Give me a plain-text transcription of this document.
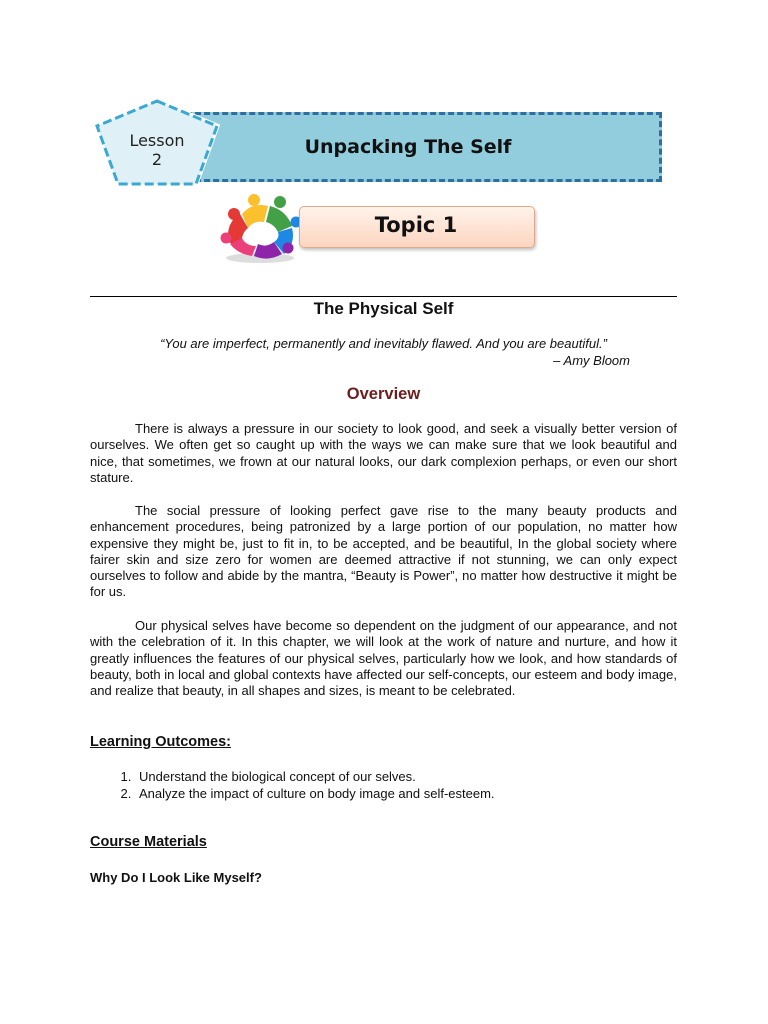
Unpacking The Self
Lesson
2
Topic 1
The Physical Self
“You are imperfect, permanently and inevitably flawed. And you are beautiful.”
– Amy Bloom
Overview

There is always a pressure in our society to look good, and seek a visually better version of ourselves. We often get so caught up with the ways we can make sure that we look beautiful and nice, that sometimes, we frown at our natural looks, our dark complexion perhaps, or even our short stature.

The social pressure of looking perfect gave rise to the many beauty products and enhancement procedures, being patronized by a large portion of our population, no matter how expensive they might be, just to fit in, to be accepted, and be beautiful, In the global society where fairer skin and size zero for women are deemed attractive if not stunning, we can only expect ourselves to follow and abide by the mantra, “Beauty is Power”, no matter how destructive it might be for us.

Our physical selves have become so dependent on the judgment of our appearance, and not with the celebration of it. In this chapter, we will look at the work of nature and nurture, and how it greatly influences the features of our physical selves, particularly how we look, and how standards of beauty, both in local and global contexts have affected our self-concepts, our esteem and body image, and realize that beauty, in all shapes and sizes, is meant to be celebrated.

Learning Outcomes:
1. Understand the biological concept of our selves.
2. Analyze the impact of culture on body image and self-esteem.
Course Materials
Why Do I Look Like Myself?
